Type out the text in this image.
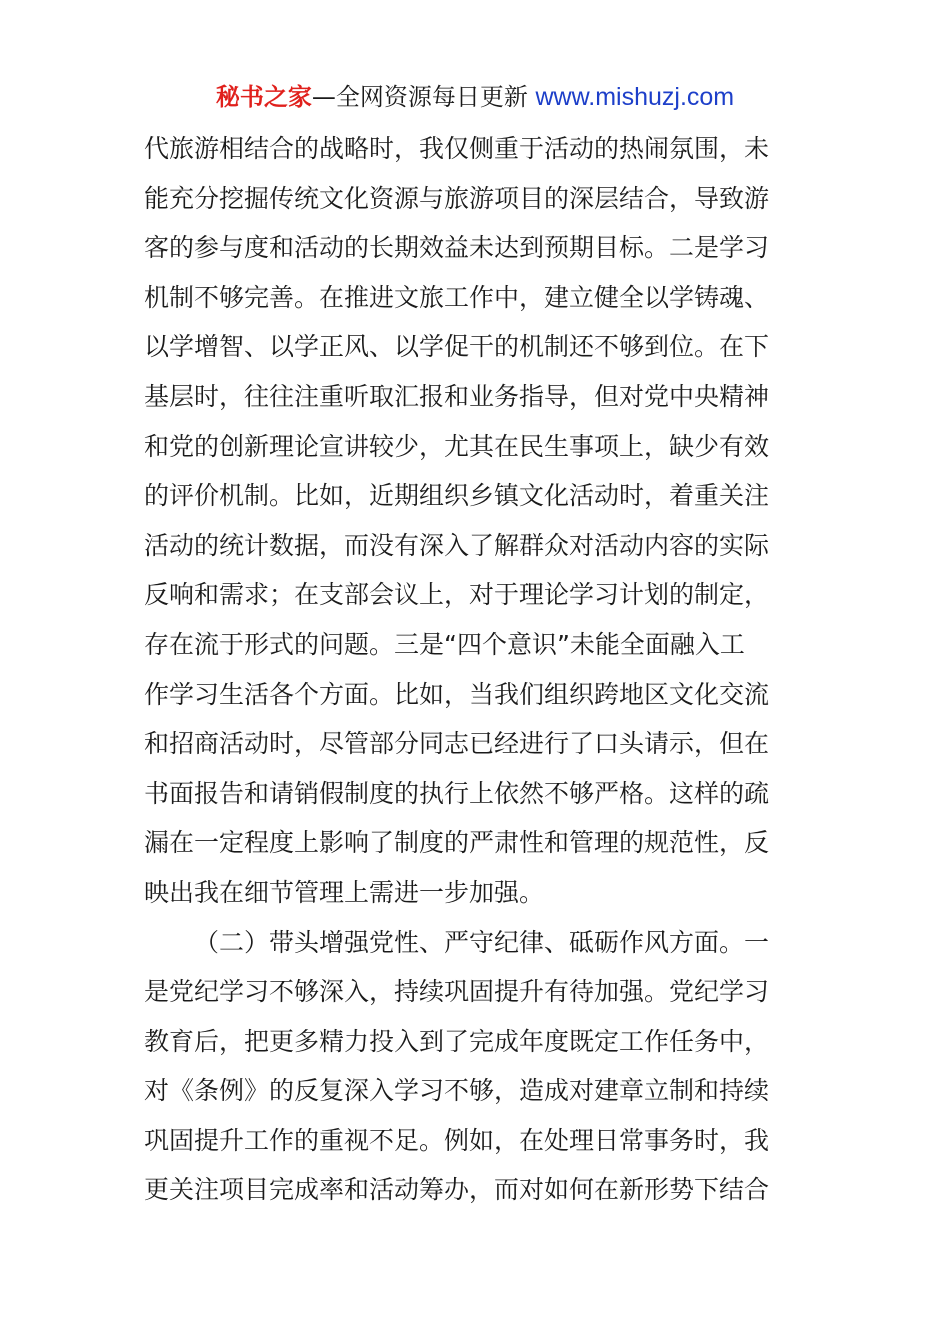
秘书之家—全网资源每日更新 www.mishuzj.com
代旅游相结合的战略时，我仅侧重于活动的热闹氛围，未
能充分挖掘传统文化资源与旅游项目的深层结合，导致游
客的参与度和活动的长期效益未达到预期目标。二是学习
机制不够完善。在推进文旅工作中，建立健全以学铸魂、
以学增智、以学正风、以学促干的机制还不够到位。在下
基层时，往往注重听取汇报和业务指导，但对党中央精神
和党的创新理论宣讲较少，尤其在民生事项上，缺少有效
的评价机制。比如，近期组织乡镇文化活动时，着重关注
活动的统计数据，而没有深入了解群众对活动内容的实际
反响和需求；在支部会议上，对于理论学习计划的制定，
存在流于形式的问题。三是“四个意识”未能全面融入工
作学习生活各个方面。比如，当我们组织跨地区文化交流
和招商活动时，尽管部分同志已经进行了口头请示，但在
书面报告和请销假制度的执行上依然不够严格。这样的疏
漏在一定程度上影响了制度的严肃性和管理的规范性，反
映出我在细节管理上需进一步加强。
（二）带头增强党性、严守纪律、砥砺作风方面。一
是党纪学习不够深入，持续巩固提升有待加强。党纪学习
教育后，把更多精力投入到了完成年度既定工作任务中，
对《条例》的反复深入学习不够，造成对建章立制和持续
巩固提升工作的重视不足。例如，在处理日常事务时，我
更关注项目完成率和活动筹办，而对如何在新形势下结合
